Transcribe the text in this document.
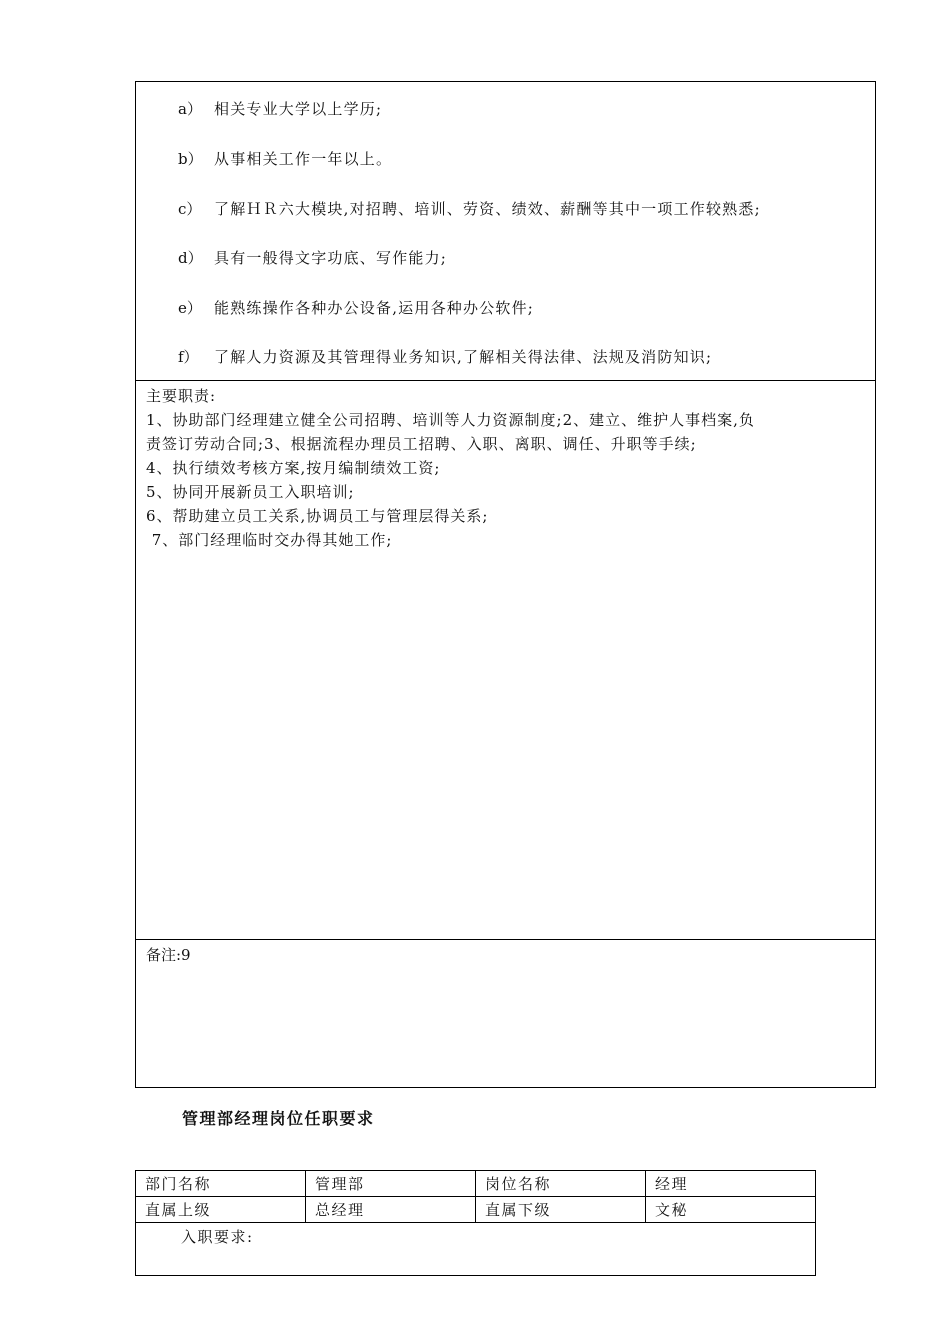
a） 相关专业大学以上学历;
b） 从事相关工作一年以上。
c） 了解ＨＲ六大模块,对招聘、培训、劳资、绩效、薪酬等其中一项工作较熟悉;
d） 具有一般得文字功底、写作能力;
e） 能熟练操作各种办公设备,运用各种办公软件;
f） 了解人力资源及其管理得业务知识,了解相关得法律、法规及消防知识;
主要职责:
1、协助部门经理建立健全公司招聘、培训等人力资源制度;2、建立、维护人事档案,负
责签订劳动合同;3、根据流程办理员工招聘、入职、离职、调任、升职等手续;
4、执行绩效考核方案,按月编制绩效工资;
5、协同开展新员工入职培训;
6、帮助建立员工关系,协调员工与管理层得关系;
7、部门经理临时交办得其她工作;
备注:9
管理部经理岗位任职要求
部门名称	管理部	岗位名称	经理
直属上级	总经理	直属下级	文秘
入职要求:
